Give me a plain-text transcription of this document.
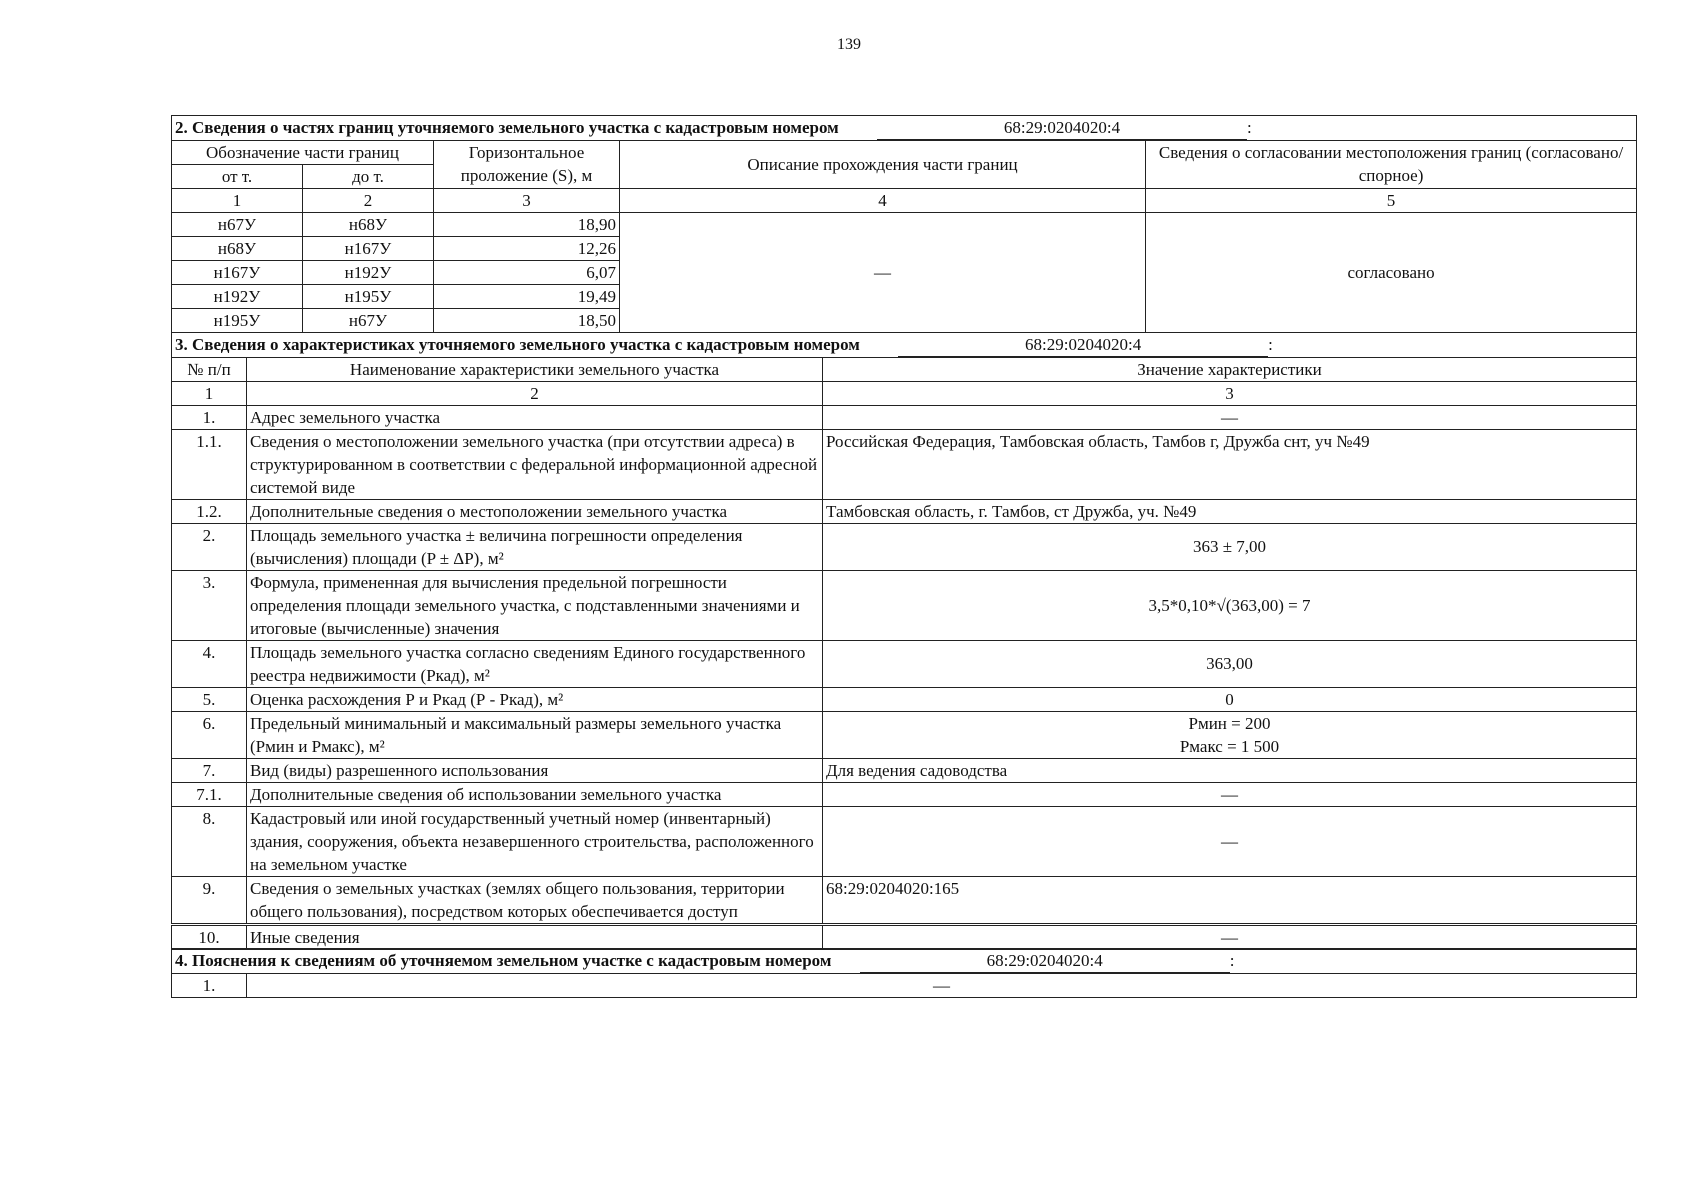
139
2. Сведения о частях границ уточняемого земельного участка с кадастровым номером 68:29:0204020:4 :				
Обозначение части границ		Горизонтальное проложение (S), м	Описание прохождения части границ	Сведения о согласовании местоположения границ (согласовано/спорное)
от т.	до т.			
1	2	3	4	5
н67У	н68У	18,90	—	согласовано
н68У	н167У	12,26		
н167У	н192У	6,07		
н192У	н195У	19,49		
н195У	н67У	18,50		
3. Сведения о характеристиках уточняемого земельного участка с кадастровым номером 68:29:0204020:4 :		
№ п/п	Наименование характеристики земельного участка	Значение характеристики
1	2	3
1.	Адрес земельного участка	—
1.1.	Сведения о местоположении земельного участка (при отсутствии адреса) в структурированном в соответствии с федеральной информационной адресной системой виде	Российская Федерация, Тамбовская область, Тамбов г, Дружба снт, уч №49
1.2.	Дополнительные сведения о местоположении земельного участка	Тамбовская область, г. Тамбов, ст Дружба, уч. №49
2.	Площадь земельного участка ± величина погрешности определения (вычисления) площади (P ± ΔP), м²	363 ± 7,00
3.	Формула, примененная для вычисления предельной погрешности определения площади земельного участка, с подставленными значениями и итоговые (вычисленные) значения	3,5*0,10*√(363,00) = 7
4.	Площадь земельного участка согласно сведениям Единого государственного реестра недвижимости (Ркад), м²	363,00
5.	Оценка расхождения Р и Ркад (Р - Ркад), м²	0
6.	Предельный минимальный и максимальный размеры земельного участка (Рмин и Рмакс), м²	Рмин = 200
Рмакс = 1 500

7.	Вид (виды) разрешенного использования	Для ведения садоводства
7.1.	Дополнительные сведения об использовании земельного участка	—
8.	Кадастровый или иной государственный учетный номер (инвентарный) здания, сооружения, объекта незавершенного строительства, расположенного на земельном участке	—
9.	Сведения о земельных участках (землях общего пользования, территории общего пользования), посредством которых обеспечивается доступ	68:29:0204020:165
10.	Иные сведения	—
4. Пояснения к сведениям об уточняемом земельном участке с кадастровым номером	68:29:0204020:4	:
1.	—
